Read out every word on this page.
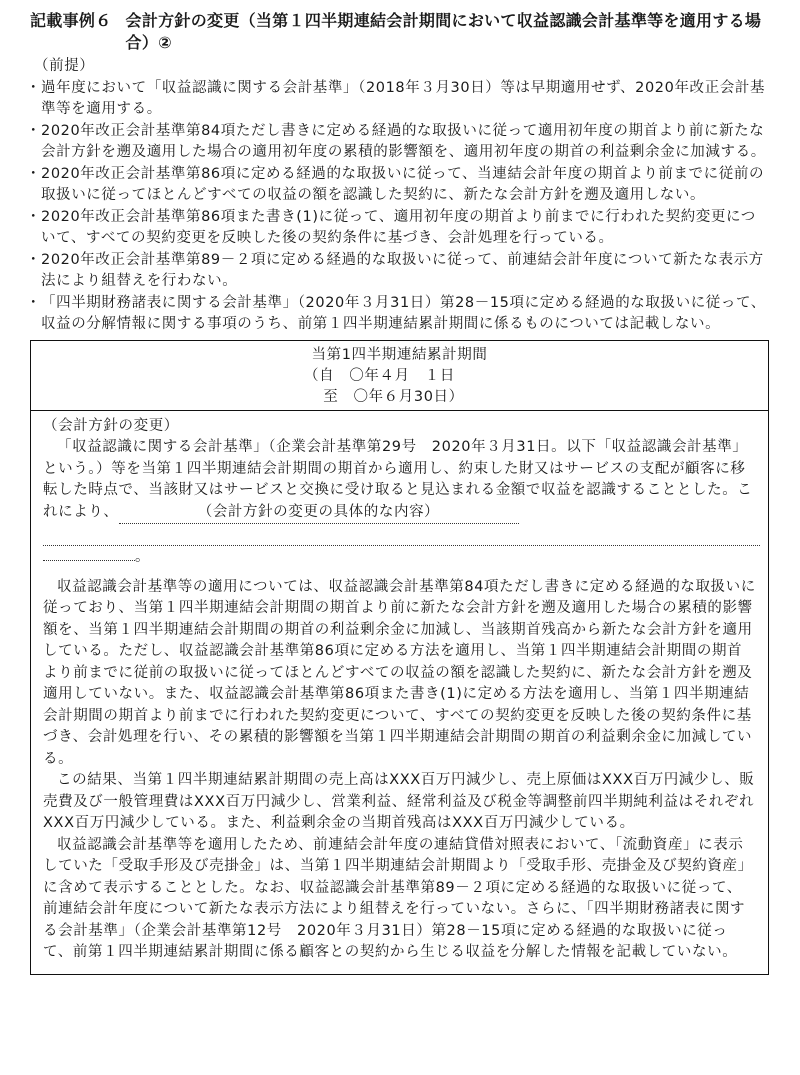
記載事例６ 会計方針の変更（当第１四半期連結会計期間において収益認識会計基準等を適用する場合）②
（前提）
・ 過年度において「収益認識に関する会計基準」（2018年３月30日）等は早期適用せず、2020年改正会計基準等を適用する。
・ 2020年改正会計基準第84項ただし書きに定める経過的な取扱いに従って適用初年度の期首より前に新たな会計方針を遡及適用した場合の適用初年度の累積的影響額を、適用初年度の期首の利益剰余金に加減する。
・ 2020年改正会計基準第86項に定める経過的な取扱いに従って、当連結会計年度の期首より前までに従前の取扱いに従ってほとんどすべての収益の額を認識した契約に、新たな会計方針を遡及適用しない。
・ 2020年改正会計基準第86項また書き(1)に従って、適用初年度の期首より前までに行われた契約変更について、すべての契約変更を反映した後の契約条件に基づき、会計処理を行っている。
・ 2020年改正会計基準第89－２項に定める経過的な取扱いに従って、前連結会計年度について新たな表示方法により組替えを行わない。
・ 「四半期財務諸表に関する会計基準」（2020年３月31日）第28－15項に定める経過的な取扱いに従って、収益の分解情報に関する事項のうち、前第１四半期連結累計期間に係るものについては記載しない。
当第1四半期連結累計期間
（自　〇年４月　１日
至　〇年６月30日）

（会計方針の変更）

「収益認識に関する会計基準」（企業会計基準第29号　2020年３月31日。以下「収益認識会計基準」という。）等を当第１四半期連結会計期間の期首から適用し、約束した財又はサービスの支配が顧客に移転した時点で、当該財又はサービスと交換に受け取ると見込まれる金額で収益を認識することとした。これにより、	（会計方針の変更の具体的な内容）

。

収益認識会計基準等の適用については、収益認識会計基準第84項ただし書きに定める経過的な取扱いに従っており、当第１四半期連結会計期間の期首より前に新たな会計方針を遡及適用した場合の累積的影響額を、当第１四半期連結会計期間の期首の利益剰余金に加減し、当該期首残高から新たな会計方針を適用している。ただし、収益認識会計基準第86項に定める方法を適用し、当第１四半期連結会計期間の期首より前までに従前の取扱いに従ってほとんどすべての収益の額を認識した契約に、新たな会計方針を遡及適用していない。また、収益認識会計基準第86項また書き(1)に定める方法を適用し、当第１四半期連結会計期間の期首より前までに行われた契約変更について、すべての契約変更を反映した後の契約条件に基づき、会計処理を行い、その累積的影響額を当第１四半期連結会計期間の期首の利益剰余金に加減している。

この結果、当第１四半期連結累計期間の売上高はXXX百万円減少し、売上原価はXXX百万円減少し、販売費及び一般管理費はXXX百万円減少し、営業利益、経常利益及び税金等調整前四半期純利益はそれぞれXXX百万円減少している。また、利益剰余金の当期首残高はXXX百万円減少している。

収益認識会計基準等を適用したため、前連結会計年度の連結貸借対照表において、「流動資産」に表示していた「受取手形及び売掛金」は、当第１四半期連結会計期間より「受取手形、売掛金及び契約資産」に含めて表示することとした。なお、収益認識会計基準第89－２項に定める経過的な取扱いに従って、前連結会計年度について新たな表示方法により組替えを行っていない。さらに、「四半期財務諸表に関する会計基準」（企業会計基準第12号　2020年３月31日）第28－15項に定める経過的な取扱いに従って、前第１四半期連結累計期間に係る顧客との契約から生じる収益を分解した情報を記載していない。
